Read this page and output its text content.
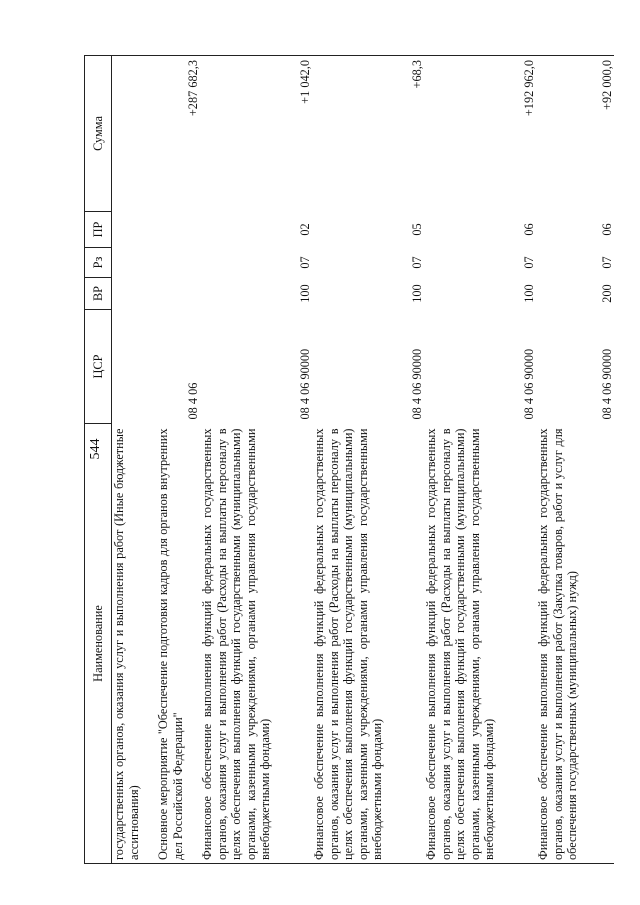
544
Наименование	ЦСР	ВР	Рз	ПР	Сумма
государственных органов, оказания услуг и выполнения работ (Иные бюджетные ассигнования)					
Основное мероприятие "Обеспечение подготовки кадров для органов внутренних дел Российской Федерации"	08 4 06				+287 682,3
Финансовое обеспечение выполнения функций федеральных государственных органов, оказания услуг и выполнения работ (Расходы на выплаты персоналу в целях обеспечения выполнения функций государственными (муниципальными) органами, казенными учреждениями, органами управления государственными внебюджетными фондами)	08 4 06 90000	100	07	02	+1 042,0
Финансовое обеспечение выполнения функций федеральных государственных органов, оказания услуг и выполнения работ (Расходы на выплаты персоналу в целях обеспечения выполнения функций государственными (муниципальными) органами, казенными учреждениями, органами управления государственными внебюджетными фондами)	08 4 06 90000	100	07	05	+68,3
Финансовое обеспечение выполнения функций федеральных государственных органов, оказания услуг и выполнения работ (Расходы на выплаты персоналу в целях обеспечения выполнения функций государственными (муниципальными) органами, казенными учреждениями, органами управления государственными внебюджетными фондами)	08 4 06 90000	100	07	06	+192 962,0
Финансовое обеспечение выполнения функций федеральных государственных органов, оказания услуг и выполнения работ (Закупка товаров, работ и услуг для обеспечения государственных (муниципальных) нужд)	08 4 06 90000	200	07	06	+92 000,0
